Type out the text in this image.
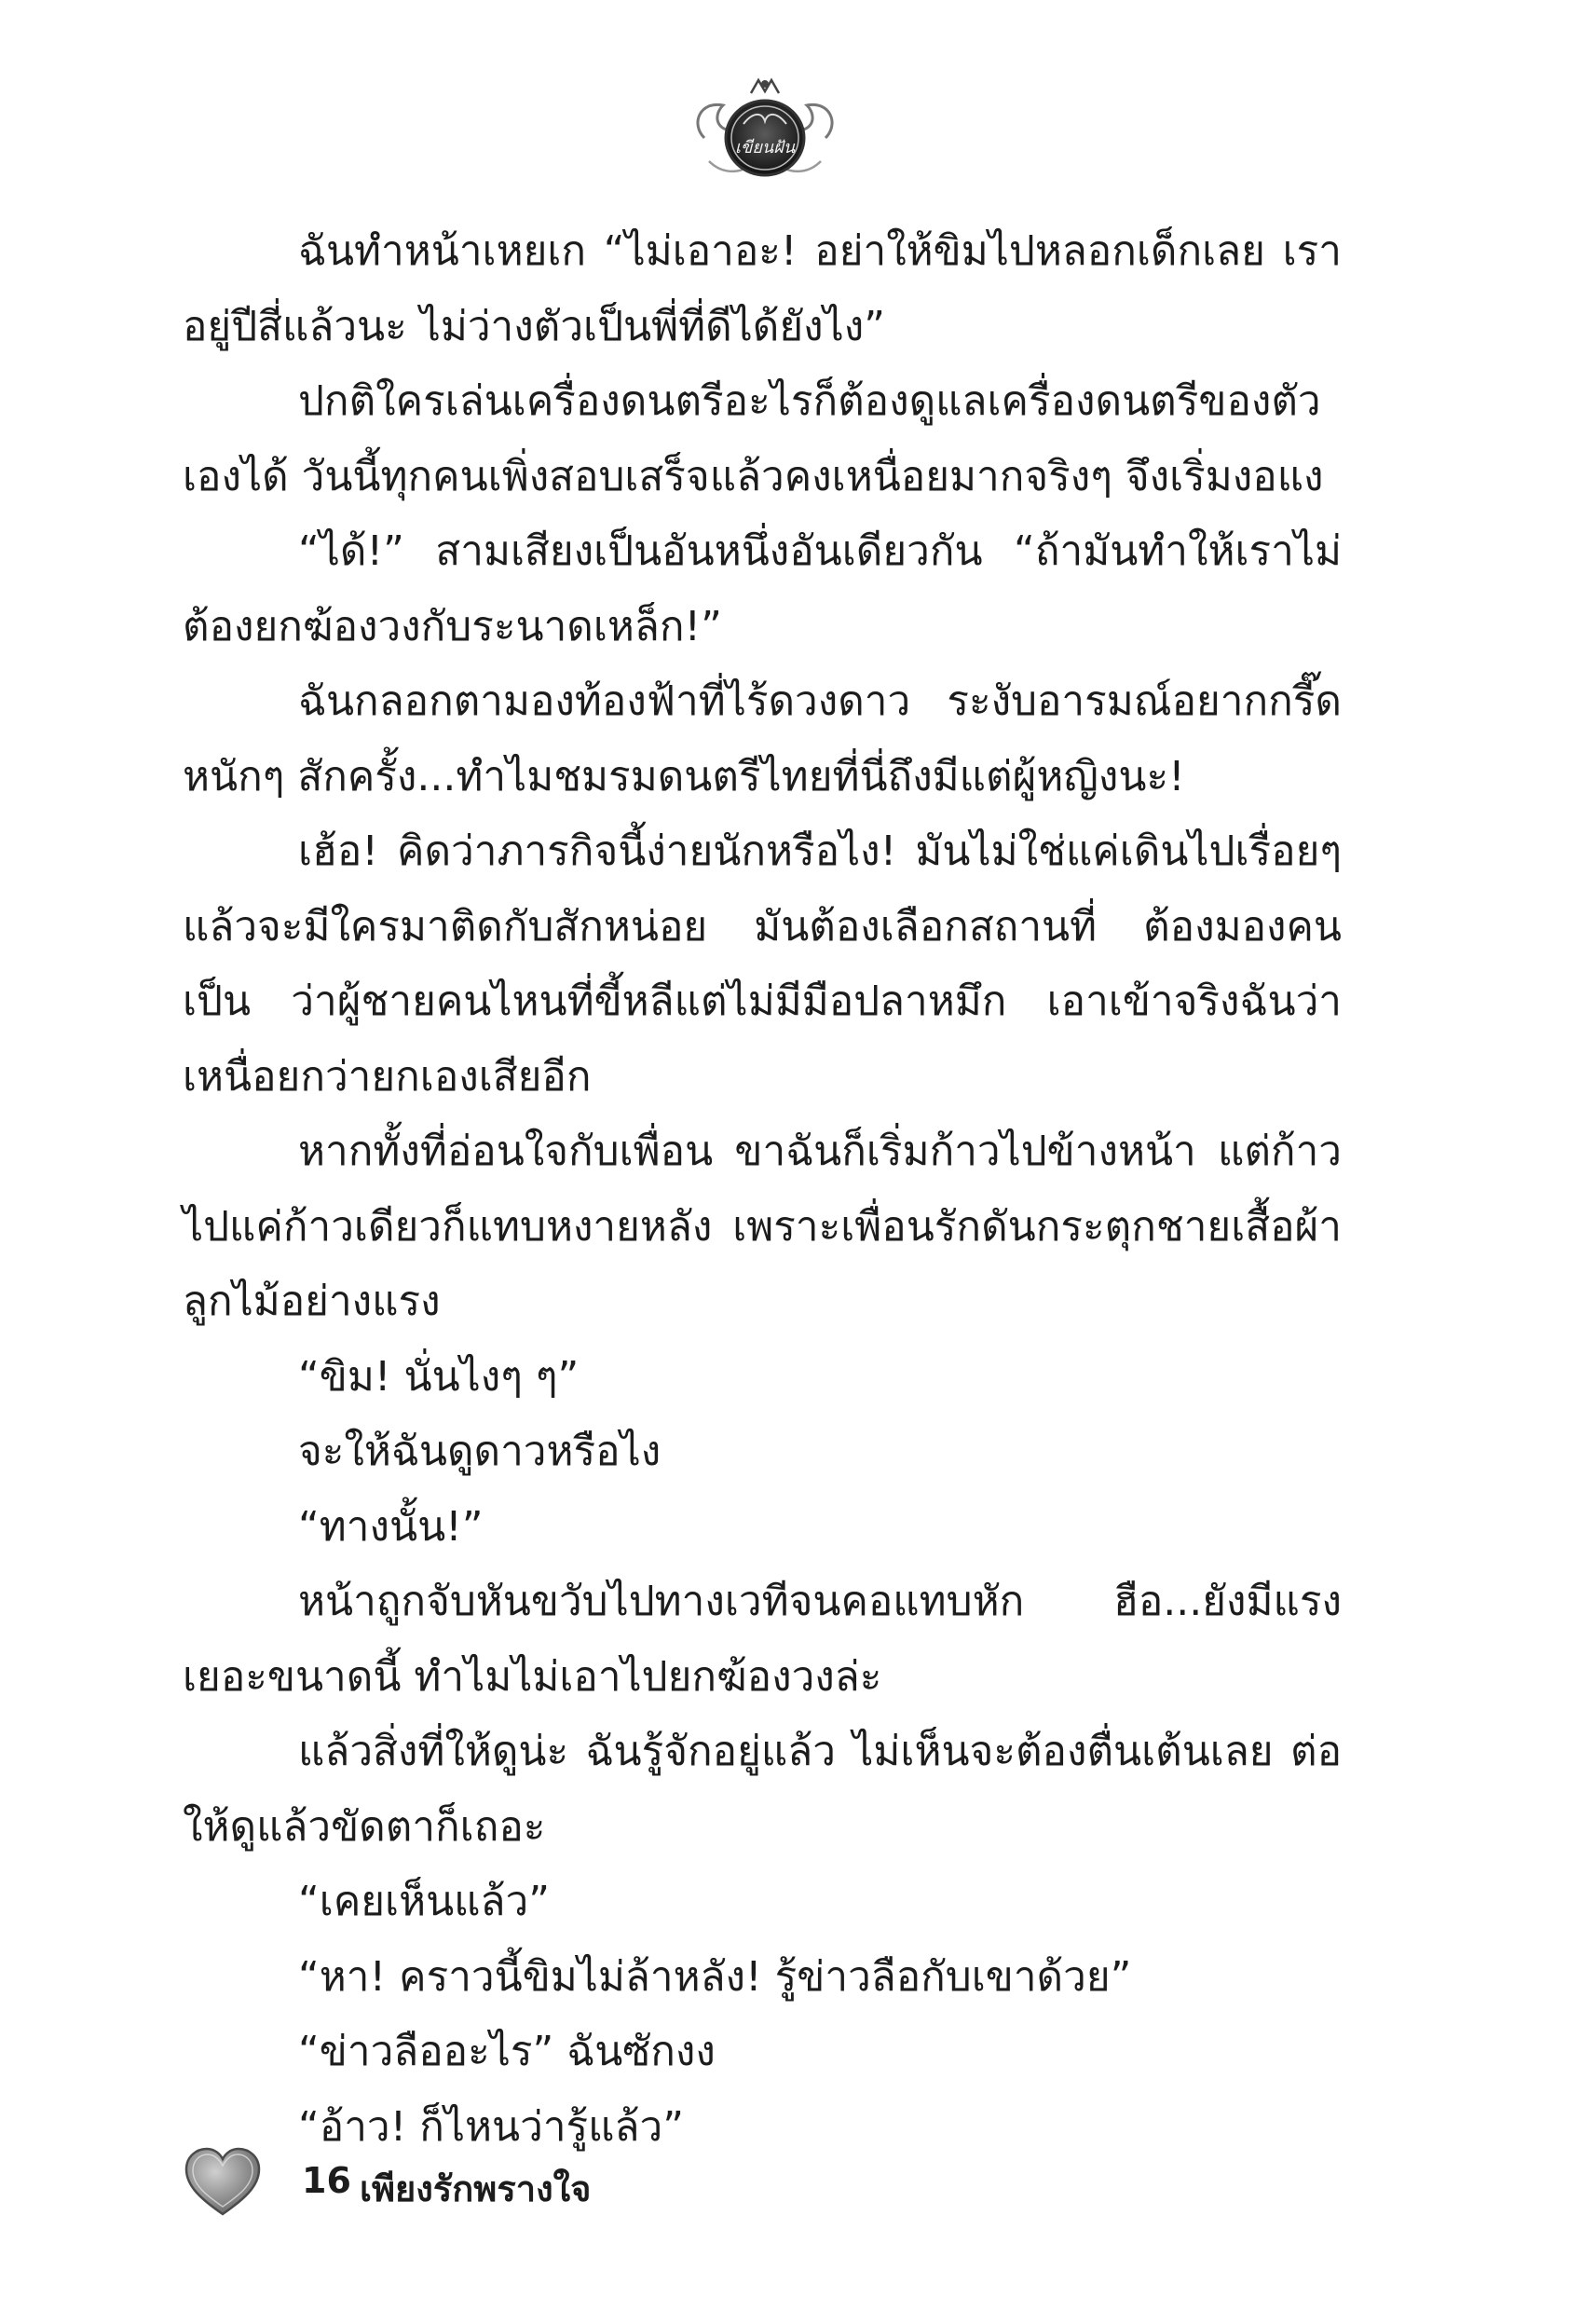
เขียนฝัน

ฉันทำหน้าเหยเก “ไม่เอาอะ! อย่าให้ขิมไปหลอกเด็กเลย เราอยู่ปีสี่แล้วนะ ไม่ว่างตัวเป็นพี่ที่ดีได้ยังไง”

ปกติใครเล่นเครื่องดนตรีอะไรก็ต้องดูแลเครื่องดนตรีของตัวเองได้ วันนี้ทุกคนเพิ่งสอบเสร็จแล้วคงเหนื่อยมากจริงๆ จึงเริ่มงอแง

“ได้!” สามเสียงเป็นอันหนึ่งอันเดียวกัน “ถ้ามันทำให้เราไม่ต้องยกฆ้องวงกับระนาดเหล็ก!”

ฉันกลอกตามองท้องฟ้าที่ไร้ดวงดาว ระงับอารมณ์อยากกรี๊ดหนักๆ สักครั้ง...ทำไมชมรมดนตรีไทยที่นี่ถึงมีแต่ผู้หญิงนะ!

เฮ้อ! คิดว่าภารกิจนี้ง่ายนักหรือไง! มันไม่ใช่แค่เดินไปเรื่อยๆ แล้วจะมีใครมาติดกับสักหน่อย มันต้องเลือกสถานที่ ต้องมองคนเป็น ว่าผู้ชายคนไหนที่ขี้หลีแต่ไม่มีมือปลาหมึก เอาเข้าจริงฉันว่าเหนื่อยกว่ายกเองเสียอีก

หากทั้งที่อ่อนใจกับเพื่อน ขาฉันก็เริ่มก้าวไปข้างหน้า แต่ก้าวไปแค่ก้าวเดียวก็แทบหงายหลัง เพราะเพื่อนรักดันกระตุกชายเสื้อผ้าลูกไม้อย่างแรง

“ขิม! นั่นไงๆ ๆ”

จะให้ฉันดูดาวหรือไง

“ทางนั้น!”

หน้าถูกจับหันขวับไปทางเวทีจนคอแทบหัก ฮือ...ยังมีแรงเยอะขนาดนี้ ทำไมไม่เอาไปยกฆ้องวงล่ะ

แล้วสิ่งที่ให้ดูน่ะ ฉันรู้จักอยู่แล้ว ไม่เห็นจะต้องตื่นเต้นเลย ต่อให้ดูแล้วขัดตาก็เถอะ

“เคยเห็นแล้ว”

“หา! คราวนี้ขิมไม่ล้าหลัง! รู้ข่าวลือกับเขาด้วย”

“ข่าวลืออะไร” ฉันซักงง

“อ้าว! ก็ไหนว่ารู้แล้ว”

16 เพียงรักพรางใจ
